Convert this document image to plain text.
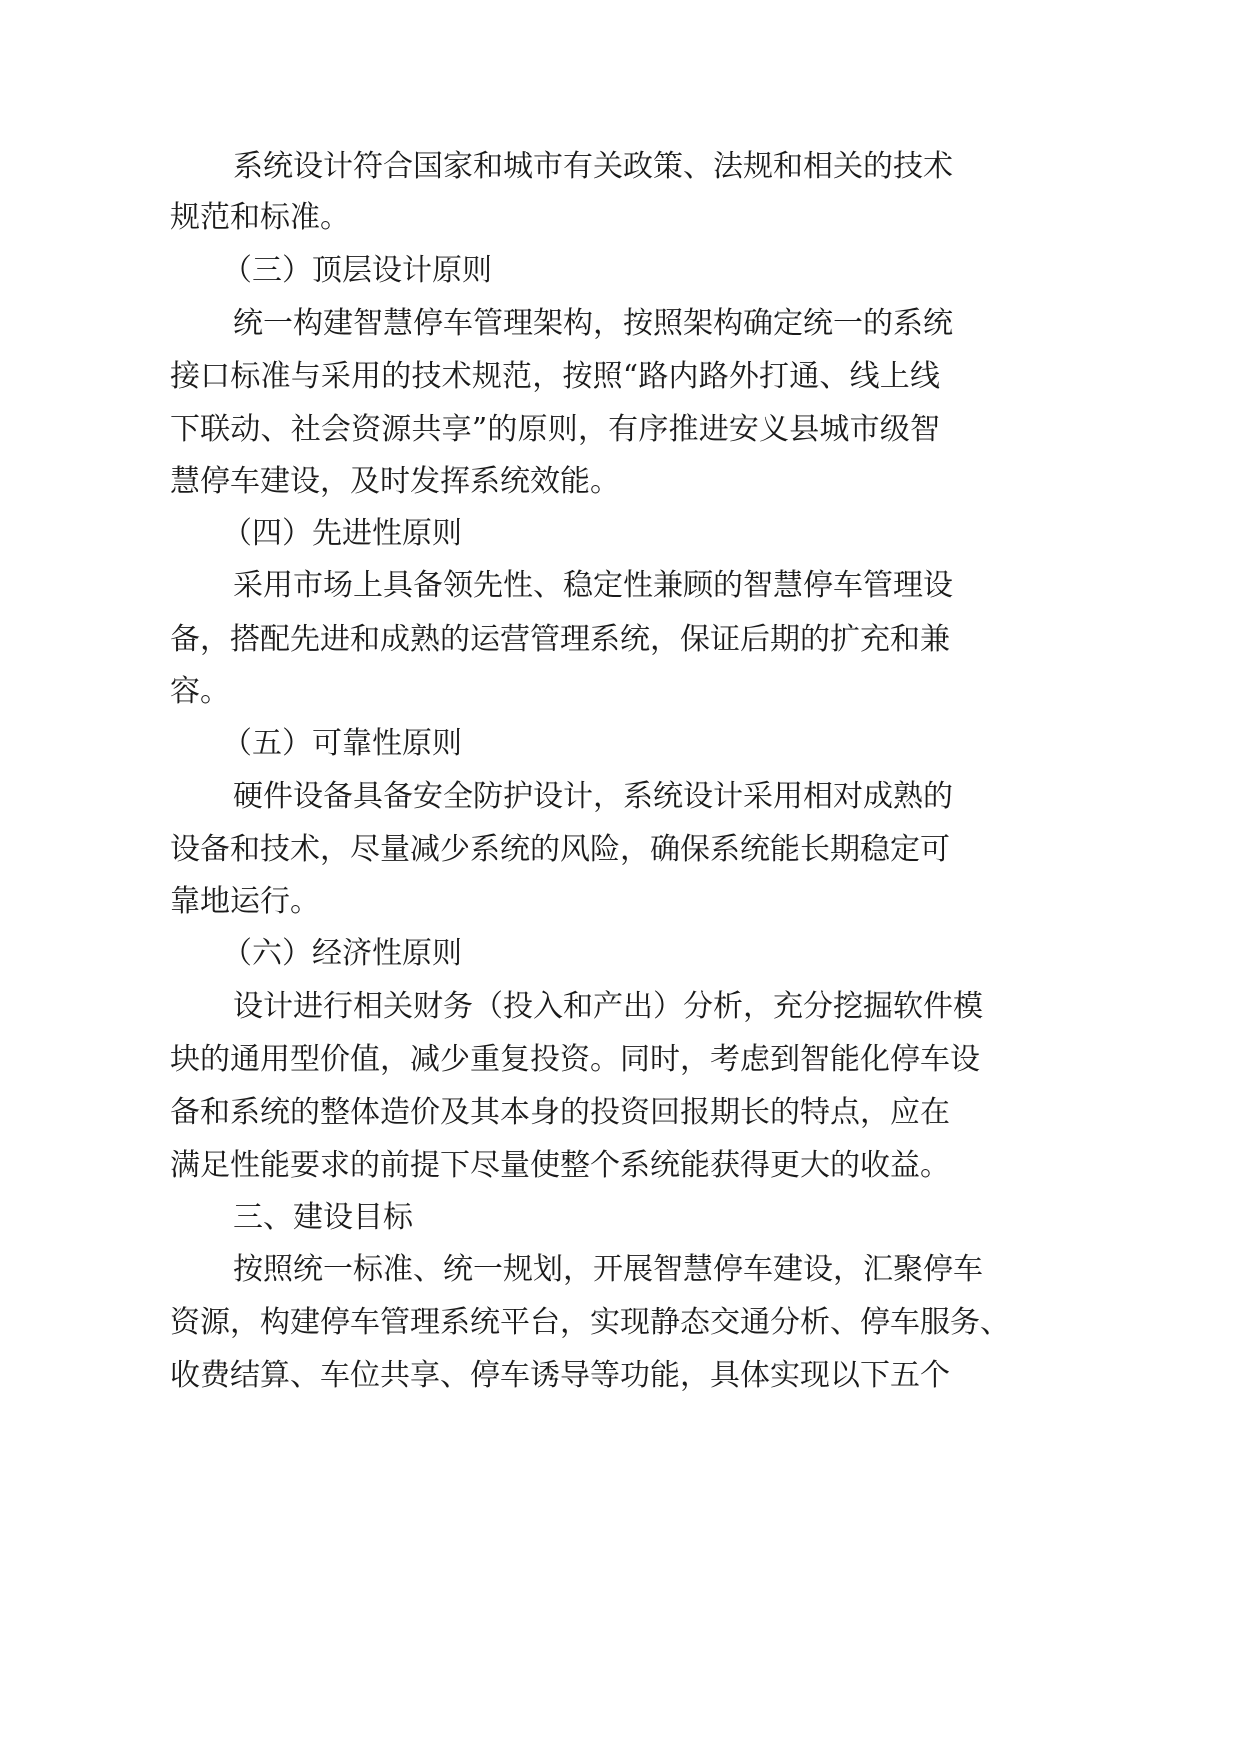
系统设计符合国家和城市有关政策、法规和相关的技术

规范和标准。

（三）顶层设计原则

统一构建智慧停车管理架构，按照架构确定统一的系统

接口标准与采用的技术规范，按照“路内路外打通、线上线

下联动、社会资源共享”的原则，有序推进安义县城市级智

慧停车建设，及时发挥系统效能。

（四）先进性原则

采用市场上具备领先性、稳定性兼顾的智慧停车管理设

备，搭配先进和成熟的运营管理系统，保证后期的扩充和兼

容。

（五）可靠性原则

硬件设备具备安全防护设计，系统设计采用相对成熟的

设备和技术，尽量减少系统的风险，确保系统能长期稳定可

靠地运行。

（六）经济性原则

设计进行相关财务（投入和产出）分析，充分挖掘软件模

块的通用型价值，减少重复投资。同时，考虑到智能化停车设

备和系统的整体造价及其本身的投资回报期长的特点，应在

满足性能要求的前提下尽量使整个系统能获得更大的收益。

三、建设目标

按照统一标准、统一规划，开展智慧停车建设，汇聚停车

资源，构建停车管理系统平台，实现静态交通分析、停车服务、

收费结算、车位共享、停车诱导等功能，具体实现以下五个
